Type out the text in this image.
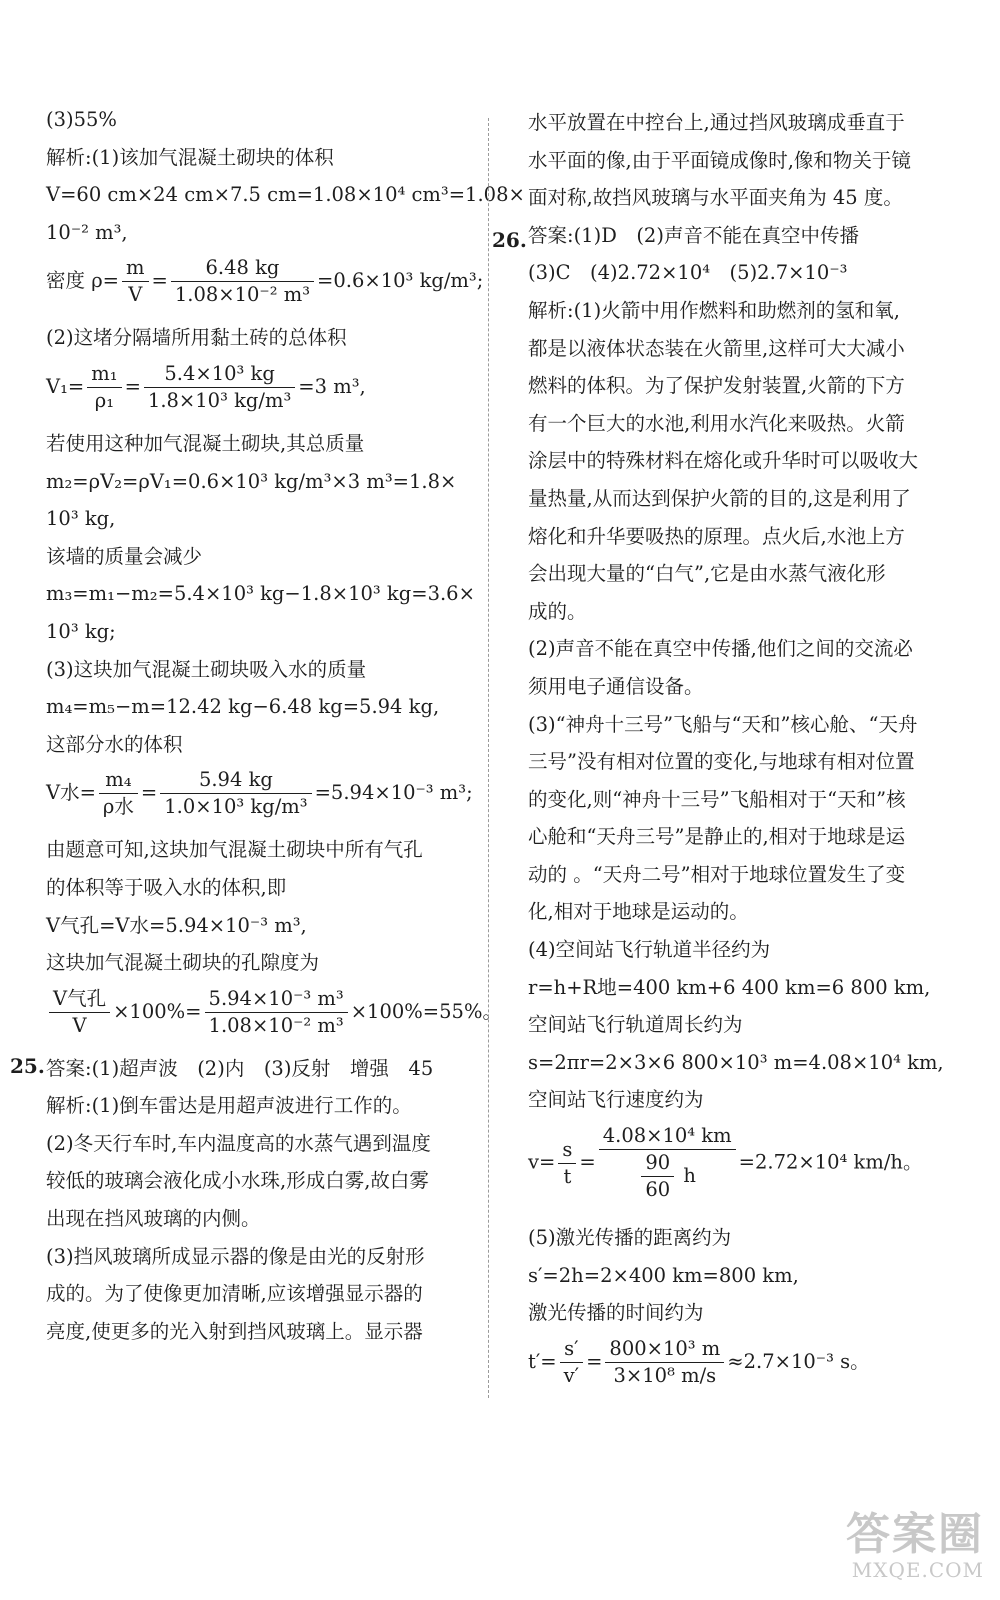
(3)55%
解析:(1)该加气混凝土砌块的体积
V=60 cm×24 cm×7.5 cm=1.08×10⁴ cm³=1.08×
10⁻² m³,
密度 $\rho= \frac{m}{V} = \frac{6.48 kg}{\text{1.08×10⁻² m³}} =0.6\times 10^3$ kg/m³;
(2)这堵分隔墙所用黏土砖的总体积
$V_1= \frac{\text{m₁}}{\text{ρ₁}} = \frac{\text{5.4×10³ kg}}{\text{1.8×10³ kg/m³}} =3$ m³,
若使用这种加气混凝土砌块,其总质量
m₂=ρV₂=ρV₁=0.6×10³ kg/m³×3 m³=1.8×
10³ kg,
该墙的质量会减少
m₃=m₁−m₂=5.4×10³ kg−1.8×10³ kg=3.6×
10³ kg;
(3)这块加气混凝土砌块吸入水的质量
m₄=m₅−m=12.42 kg−6.48 kg=5.94 kg,
这部分水的体积
V水= $\frac{\text{m₄}}{\text{ρ水}} = \frac{5.94 kg}{\text{1.0×10³ kg/m³}} =5.94\times 10^{-3}$ m³;
由题意可知,这块加气混凝土砌块中所有气孔
的体积等于吸入水的体积,即
V气孔=V水=5.94×10⁻³ m³,
这块加气混凝土砌块的孔隙度为
$\frac{\text{V气孔}}{V} \times 100\%= \frac{\text{5.94×10⁻³ m³}}{\text{1.08×10⁻² m³}} \times 100\%=55\%$。
答案:(1)超声波　(2)内　(3)反射　增强　45
解析:(1)倒车雷达是用超声波进行工作的。
(2)冬天行车时,车内温度高的水蒸气遇到温度
较低的玻璃会液化成小水珠,形成白雾,故白雾
出现在挡风玻璃的内侧。
(3)挡风玻璃所成显示器的像是由光的反射形
成的。为了使像更加清晰,应该增强显示器的
亮度,使更多的光入射到挡风玻璃上。显示器
25.
水平放置在中控台上,通过挡风玻璃成垂直于
水平面的像,由于平面镜成像时,像和物关于镜
面对称,故挡风玻璃与水平面夹角为 45 度。
答案:(1)D　(2)声音不能在真空中传播
(3)C　(4)2.72×10⁴　(5)2.7×10⁻³
解析:(1)火箭中用作燃料和助燃剂的氢和氧,
都是以液体状态装在火箭里,这样可大大减小
燃料的体积。为了保护发射装置,火箭的下方
有一个巨大的水池,利用水汽化来吸热。火箭
涂层中的特殊材料在熔化或升华时可以吸收大
量热量,从而达到保护火箭的目的,这是利用了
熔化和升华要吸热的原理。点火后,水池上方
会出现大量的“白气”,它是由水蒸气液化形
成的。
(2)声音不能在真空中传播,他们之间的交流必
须用电子通信设备。
(3)“神舟十三号”飞船与“天和”核心舱、“天舟
三号”没有相对位置的变化,与地球有相对位置
的变化,则“神舟十三号”飞船相对于“天和”核
心舱和“天舟三号”是静止的,相对于地球是运
动的 。“天舟二号”相对于地球位置发生了变
化,相对于地球是运动的。
(4)空间站飞行轨道半径约为
r=h+R地=400 km+6 400 km=6 800 km,
空间站飞行轨道周长约为
s=2πr=2×3×6 800×10³ m=4.08×10⁴ km,
空间站飞行速度约为
$v= \frac{s}{t} = \frac{\text{4.08×10⁴ km}}{\frac{90}{60} h} =2.72\times 10^4$ km/h。
(5)激光传播的距离约为
s′=2h=2×400 km=800 km,
激光传播的时间约为
$t'= \frac{s'}{v'} = \frac{\text{800×10³ m}}{\text{3×10⁸ m/s}} \approx 2.7\times 10^{-3}$ s。
26.
答案圈
MXQE.COM
